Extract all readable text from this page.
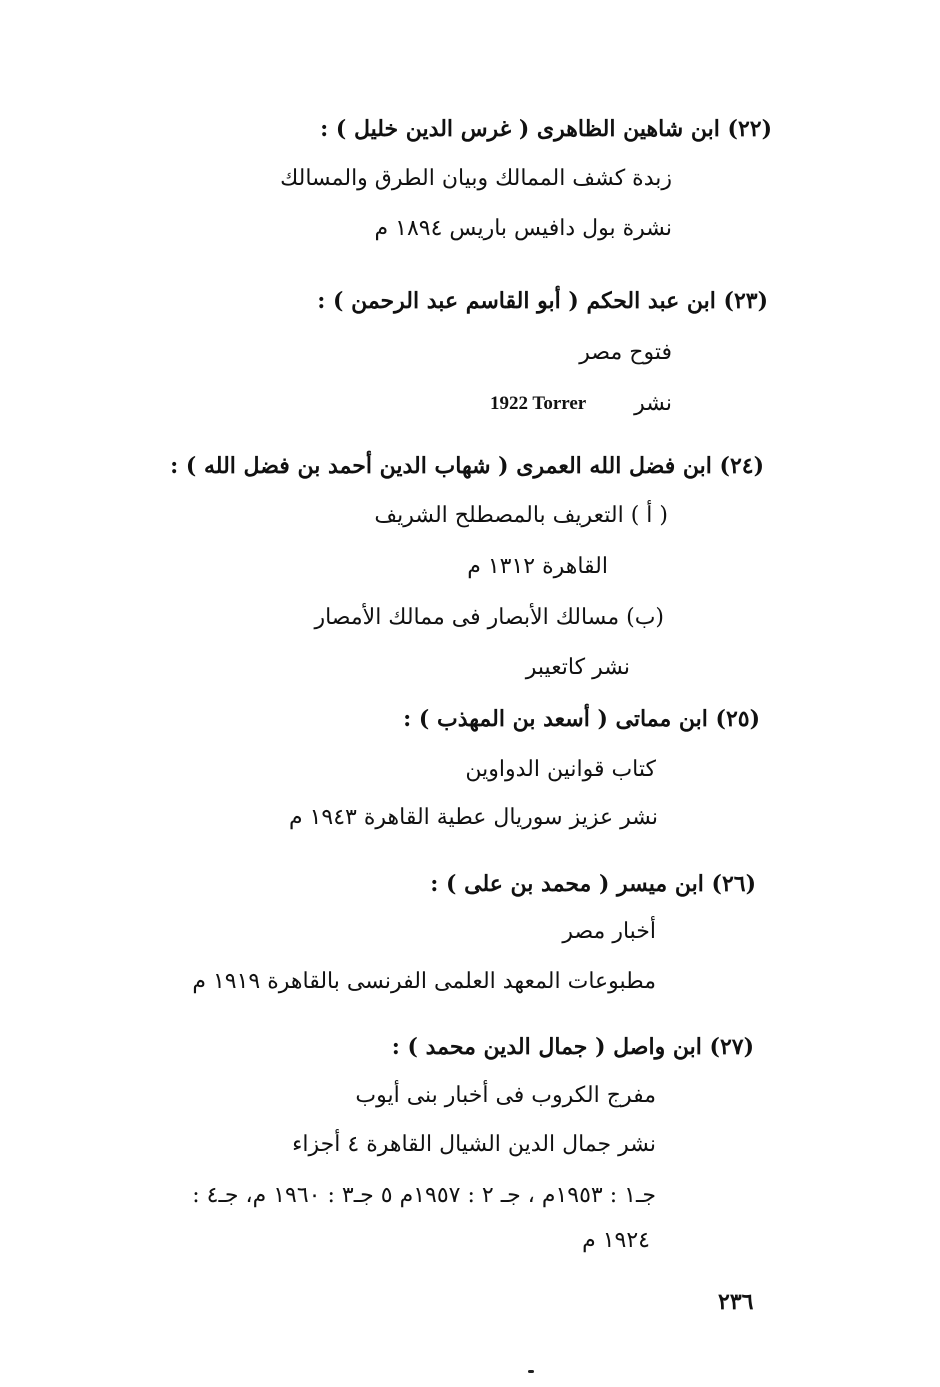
(٢٢) ابن شاهين الظاهرى ( غرس الدين خليل ) :
زبدة كشف الممالك وبيان الطرق والمسالك
نشرة بول دافيس باريس ١٨٩٤ م
(٢٣) ابن عبد الحكم ( أبو القاسم عبد الرحمن ) :
فتوح مصر
نشر
1922 Torrer
(٢٤) ابن فضل الله العمرى ( شهاب الدين أحمد بن فضل الله ) :
( أ ) التعريف بالمصطلح الشريف
القاهرة ١٣١٢ م
(ب) مسالك الأبصار فى ممالك الأمصار
نشر كاتعيبر
(٢٥) ابن مماتى ( أسعد بن المهذب ) :
كتاب قوانين الدواوين
نشر عزيز سوريال عطية القاهرة ١٩٤٣ م
(٢٦) ابن ميسر ( محمد بن على ) :
أخبار مصر
مطبوعات المعهد العلمى الفرنسى بالقاهرة ١٩١٩ م
(٢٧) ابن واصل ( جمال الدين محمد ) :
مفرج الكروب فى أخبار بنى أيوب
نشر جمال الدين الشيال القاهرة ٤ أجزاء
جـ١ : ١٩٥٣م ، جـ ٢ : ١٩٥٧م ٥ جـ٣ : ١٩٦٠ م، جـ٤ :
١٩٢٤ م
٢٣٦
